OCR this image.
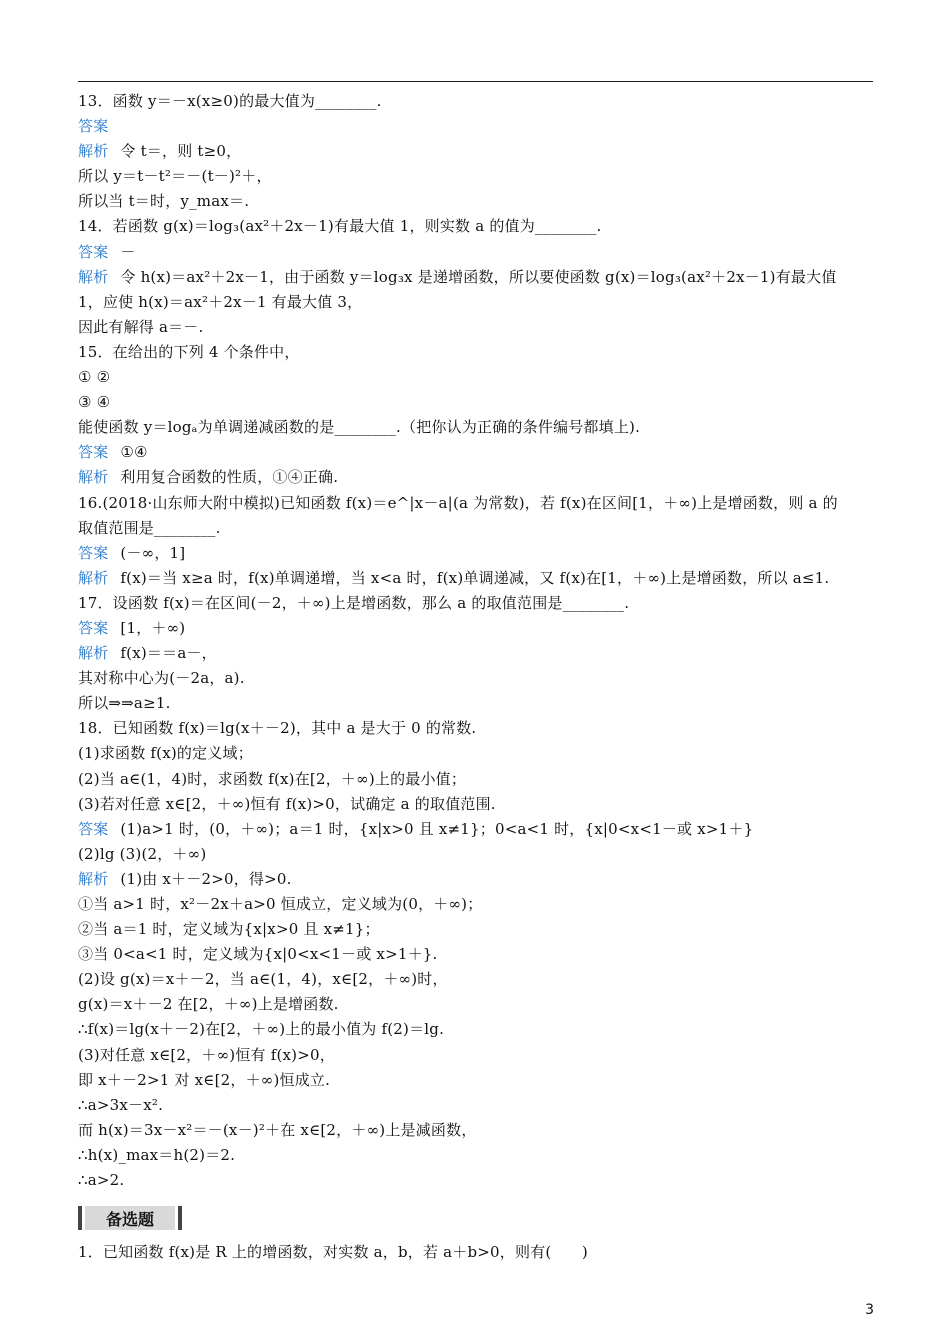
13．函数 y＝－x(x≥0)的最大值为________.
答案
解析 令 t＝，则 t≥0，
所以 y＝t－t²＝－(t－)²＋，
所以当 t＝时，y_max＝.
14．若函数 g(x)＝log₃(ax²＋2x－1)有最大值 1，则实数 a 的值为________.
答案 －
解析 令 h(x)＝ax²＋2x－1，由于函数 y＝log₃x 是递增函数，所以要使函数 g(x)＝log₃(ax²＋2x－1)有最大值
1，应使 h(x)＝ax²＋2x－1 有最大值 3，
因此有解得 a＝－.
15．在给出的下列 4 个条件中，
① ②
③ ④
能使函数 y＝logₐ为单调递减函数的是________.（把你认为正确的条件编号都填上).
答案 ①④
解析 利用复合函数的性质，①④正确.
16.(2018·山东师大附中模拟)已知函数 f(x)＝e^|x－a|(a 为常数)，若 f(x)在区间[1，＋∞)上是增函数，则 a 的
取值范围是________.
答案 (－∞，1]
解析 f(x)＝当 x≥a 时，f(x)单调递增，当 x<a 时，f(x)单调递减，又 f(x)在[1，＋∞)上是增函数，所以 a≤1.
17．设函数 f(x)＝在区间(－2，＋∞)上是增函数，那么 a 的取值范围是________.
答案 [1，＋∞)
解析 f(x)＝＝a－，
其对称中心为(－2a，a).
所以⇒⇒a≥1.
18．已知函数 f(x)＝lg(x＋－2)，其中 a 是大于 0 的常数.
(1)求函数 f(x)的定义域；
(2)当 a∈(1，4)时，求函数 f(x)在[2，＋∞)上的最小值；
(3)若对任意 x∈[2，＋∞)恒有 f(x)>0，试确定 a 的取值范围.
答案 (1)a>1 时，(0，＋∞)；a＝1 时，{x|x>0 且 x≠1}；0<a<1 时，{x|0<x<1－或 x>1＋}
(2)lg (3)(2，＋∞)
解析 (1)由 x＋－2>0，得>0.
①当 a>1 时，x²－2x＋a>0 恒成立，定义域为(0，＋∞)；
②当 a＝1 时，定义域为{x|x>0 且 x≠1}；
③当 0<a<1 时，定义域为{x|0<x<1－或 x>1＋}.
(2)设 g(x)＝x＋－2，当 a∈(1，4)，x∈[2，＋∞)时，
g(x)＝x＋－2 在[2，＋∞)上是增函数.
∴f(x)＝lg(x＋－2)在[2，＋∞)上的最小值为 f(2)＝lg.
(3)对任意 x∈[2，＋∞)恒有 f(x)>0，
即 x＋－2>1 对 x∈[2，＋∞)恒成立.
∴a>3x－x².
而 h(x)＝3x－x²＝－(x－)²＋在 x∈[2，＋∞)上是减函数，
∴h(x)_max＝h(2)＝2.
∴a>2.
备选题
1．已知函数 f(x)是 R 上的增函数，对实数 a，b，若 a＋b>0，则有(　　)
3
